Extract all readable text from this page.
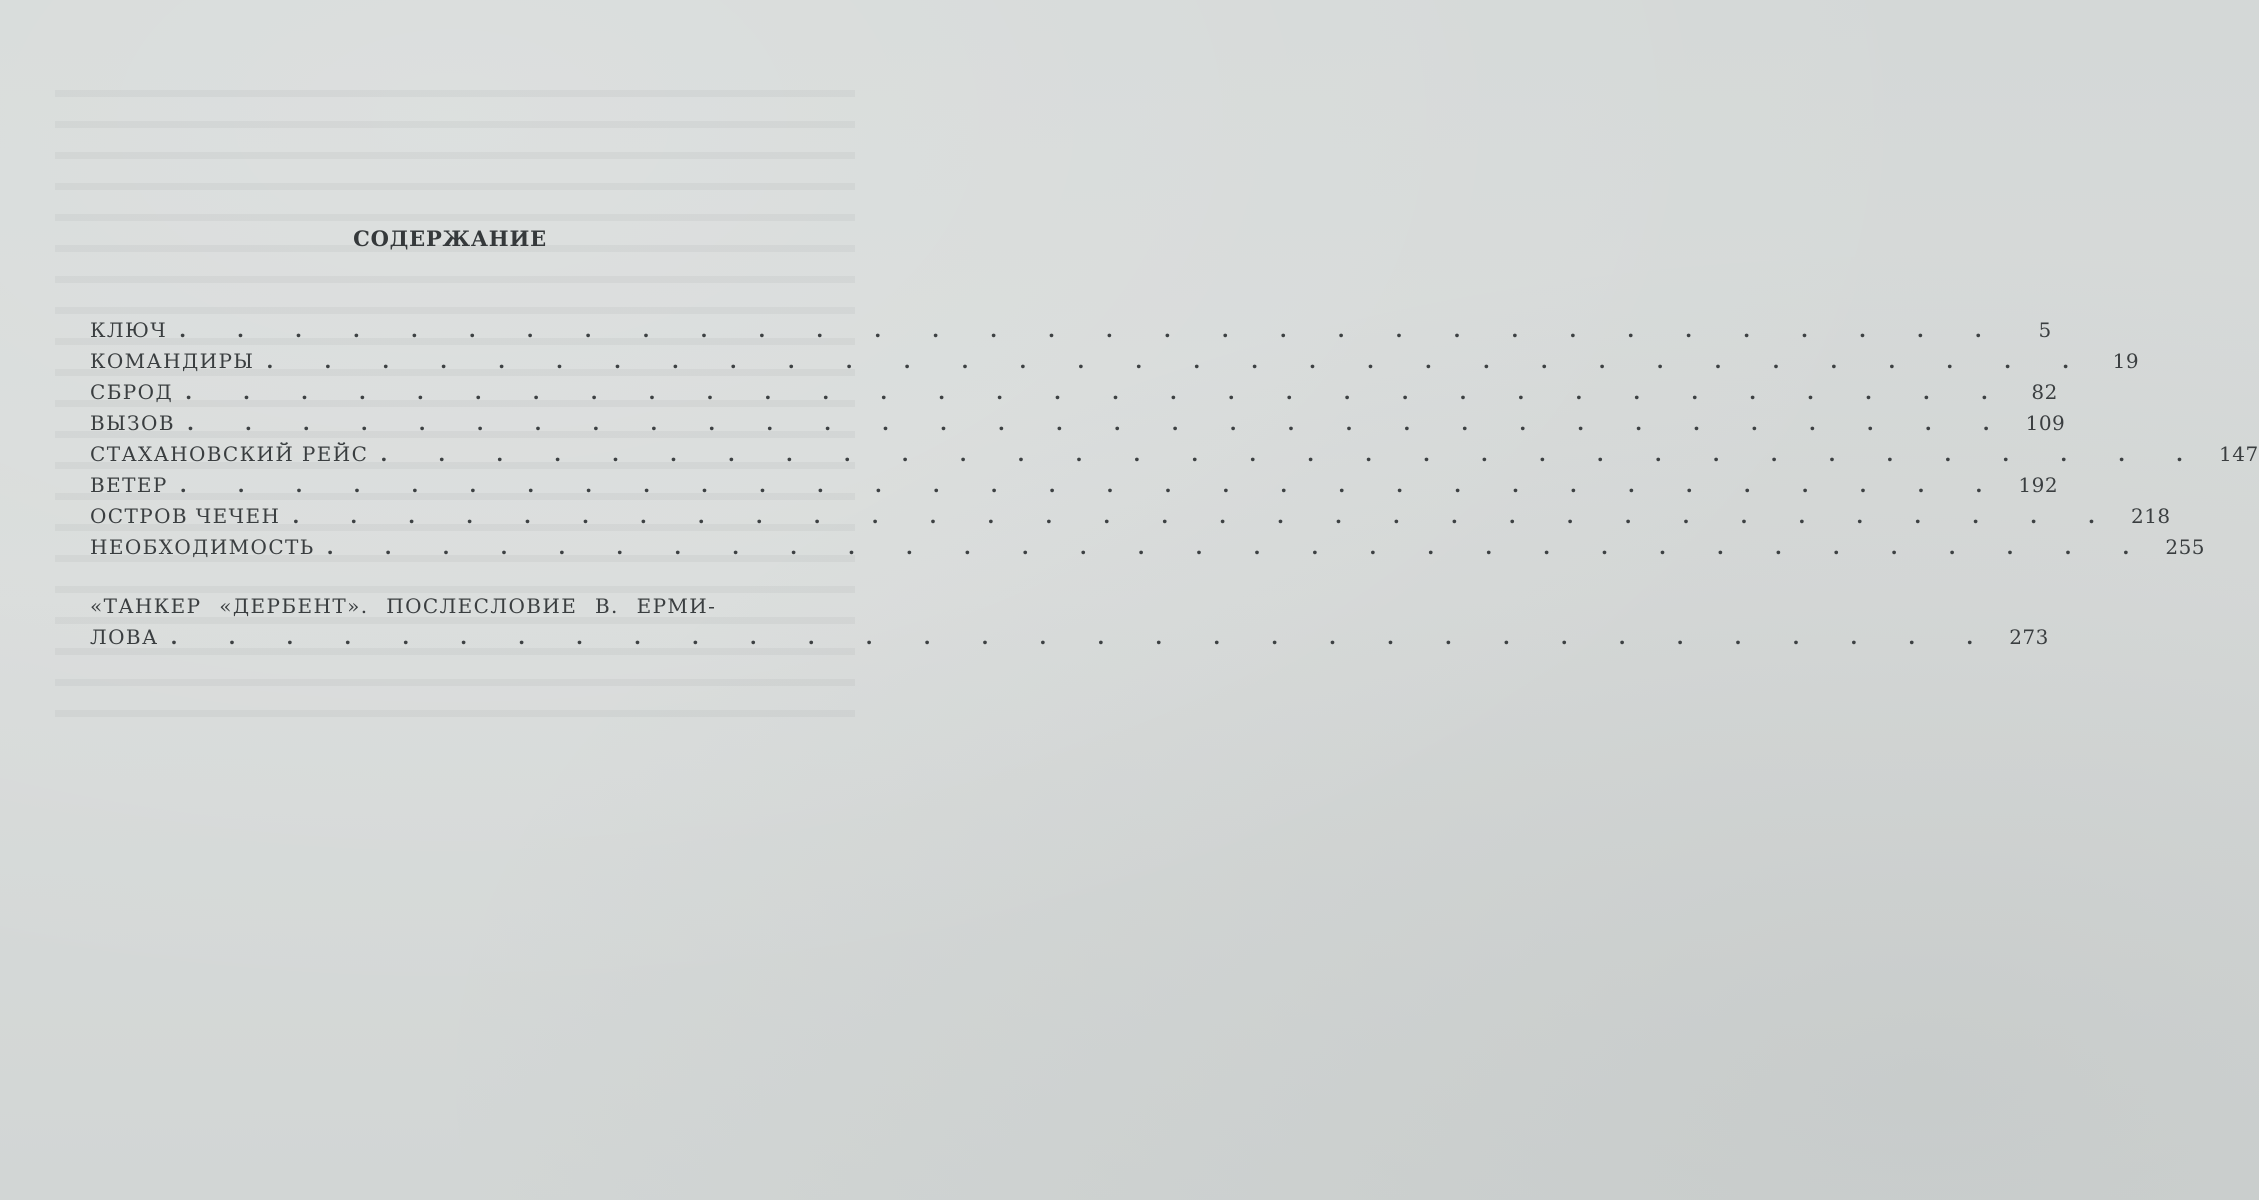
СОДЕРЖАНИЕ
КЛЮЧ . . . . . . . . . . . . . . . . . . . . . . . . . . . . . . . .	5
КОМАНДИРЫ . . . . . . . . . . . . . . . . . . . . . . . . . . . . . . . .	19
СБРОД . . . . . . . . . . . . . . . . . . . . . . . . . . . . . . . .	82
ВЫЗОВ . . . . . . . . . . . . . . . . . . . . . . . . . . . . . . . . 109
СТАХАНОВСКИЙ РЕЙС . . . . . . . . . . . . . . . . . . . . . . . . . . . . . . . . 147
ВЕТЕР . . . . . . . . . . . . . . . . . . . . . . . . . . . . . . . . 192
ОСТРОВ ЧЕЧЕН . . . . . . . . . . . . . . . . . . . . . . . . . . . . . . . . 218
НЕОБХОДИМОСТЬ . . . . . . . . . . . . . . . . . . . . . . . . . . . . . . . . 255
«ТАНКЕР «ДЕРБЕНТ». ПОСЛЕСЛОВИЕ В. ЕРМИ-
ЛОВА . . . . . . . . . . . . . . . . . . . . . . . . . . . . . . . . 273
